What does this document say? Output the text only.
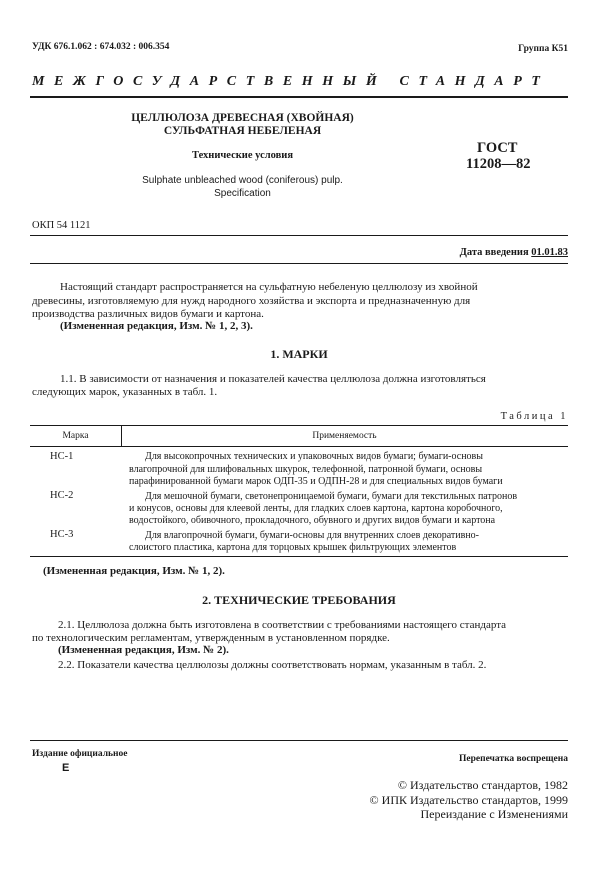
УДК 676.1.062 : 674.032 : 006.354	Группа К51
МЕЖГОСУДАРСТВЕННЫЙ СТАНДАРТ
ЦЕЛЛЮЛОЗА ДРЕВЕСНАЯ (ХВОЙНАЯ)
СУЛЬФАТНАЯ НЕБЕЛЕНАЯ
Технические условия
Sulphate unbleached wood (coniferous) pulp.
Specification
ГОСТ
11208—82
ОКП 54 1121
Дата введения 01.01.83
Настоящий стандарт распространяется на сульфатную небеленую целлюлозу из хвойной
древесины, изготовляемую для нужд народного хозяйства и экспорта и предназначенную для
производства различных видов бумаги и картона.
(Измененная редакция, Изм. № 1, 2, 3).
1. МАРКИ
1.1. В зависимости от назначения и показателей качества целлюлоза должна изготовляться
следующих марок, указанных в табл. 1.
Таблица 1
Марка	Применяемость
НС-1	Для высокопрочных технических и упаковочных видов бумаги; бумаги-основы
влагопрочной для шлифовальных шкурок, телефонной, патронной бумаги, основы
парафинированной бумаги марок ОДП-35 и ОДПН-28 и для специальных видов бумаги
НС-2	Для мешочной бумаги, светонепроницаемой бумаги, бумаги для текстильных патронов
и конусов, основы для клеевой ленты, для гладких слоев картона, картона коробочного,
водостойкого, обивочного, прокладочного, обувного и других видов бумаги и картона
НС-3	Для влагопрочной бумаги, бумаги-основы для внутренних слоев декоративно-
слоистого пластика, картона для торцовых крышек фильтрующих элементов
(Измененная редакция, Изм. № 1, 2).
2. ТЕХНИЧЕСКИЕ ТРЕБОВАНИЯ
2.1. Целлюлоза должна быть изготовлена в соответствии с требованиями настоящего стандарта
по технологическим регламентам, утвержденным в установленном порядке.
(Измененная редакция, Изм. № 2).
2.2. Показатели качества целлюлозы должны соответствовать нормам, указанным в табл. 2.
Издание официальное
Е
Перепечатка воспрещена
© Издательство стандартов, 1982
© ИПК Издательство стандартов, 1999
Переиздание с Изменениями
